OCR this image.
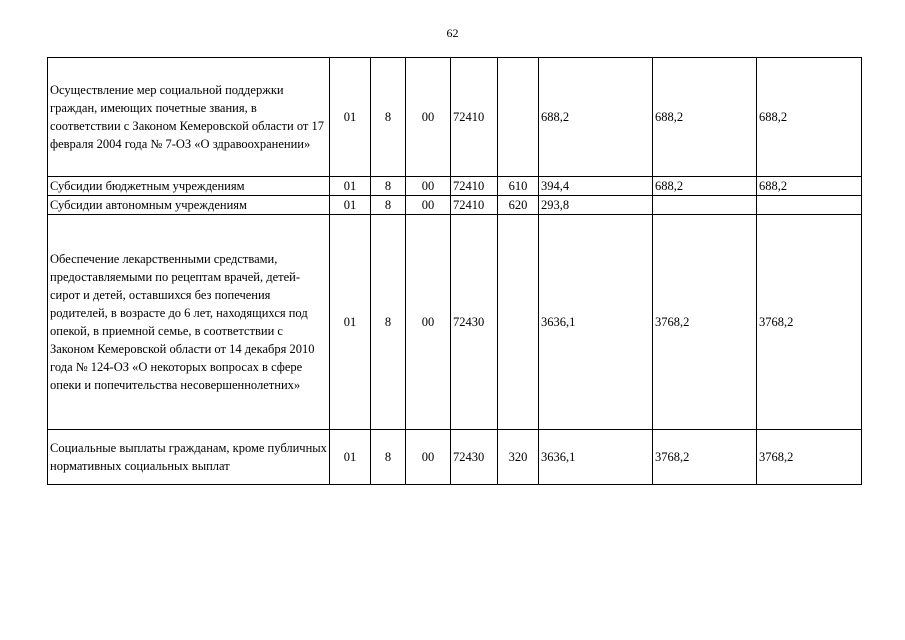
62
Осуществление мер социальной поддержки граждан, имеющих почетные звания, в соответствии с Законом Кемеровской области от 17 февраля 2004 года № 7-ОЗ «О здравоохранении»	01	8	00	72410		688,2	688,2	688,2
Субсидии бюджетным учреждениям	01	8	00	72410	610	394,4	688,2	688,2
Субсидии автономным учреждениям	01	8	00	72410	620	293,8		
Обеспечение лекарственными средствами, предоставляемыми по рецептам врачей, детей-сирот и детей, оставшихся без попечения родителей, в возрасте до 6 лет, находящихся под опекой, в приемной семье, в соответствии с Законом Кемеровской области от 14 декабря 2010 года № 124-ОЗ «О некоторых вопросах в сфере опеки и попечительства несовершеннолетних»	01	8	00	72430		3636,1	3768,2	3768,2
Социальные выплаты гражданам, кроме публичных нормативных социальных выплат	01	8	00	72430	320	3636,1	3768,2	3768,2
